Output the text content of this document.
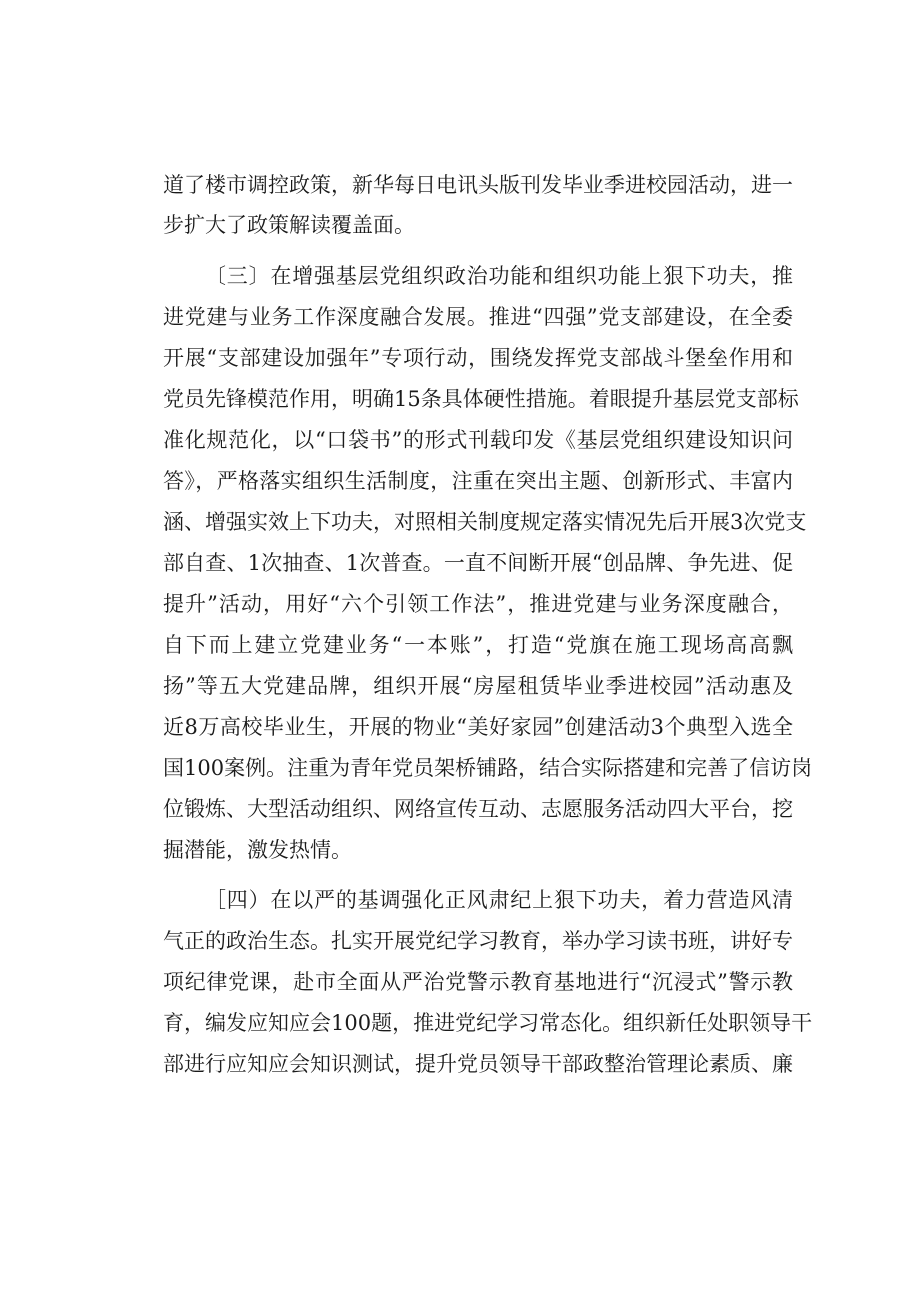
道了楼市调控政策，新华每日电讯头版刊发毕业季进校园活动，进一
步扩大了政策解读覆盖面。
〔三〕在增强基层党组织政治功能和组织功能上狠下功夫，推
进党建与业务工作深度融合发展。推进“四强”党支部建设，在全委
开展“支部建设加强年”专项行动，围绕发挥党支部战斗堡垒作用和
党员先锋模范作用，明确15条具体硬性措施。着眼提升基层党支部标
准化规范化，以“口袋书”的形式刊载印发《基层党组织建设知识问
答》，严格落实组织生活制度，注重在突出主题、创新形式、丰富内
涵、增强实效上下功夫，对照相关制度规定落实情况先后开展3次党支
部自查、1次抽查、1次普查。一直不间断开展“创品牌、争先进、促
提升”活动，用好“六个引领工作法”，推进党建与业务深度融合，
自下而上建立党建业务“一本账”，打造“党旗在施工现场高高飘
扬”等五大党建品牌，组织开展“房屋租赁毕业季进校园”活动惠及
近8万高校毕业生，开展的物业“美好家园”创建活动3个典型入选全
国100案例。注重为青年党员架桥铺路，结合实际搭建和完善了信访岗
位锻炼、大型活动组织、网络宣传互动、志愿服务活动四大平台，挖
掘潜能，激发热情。
［四）在以严的基调强化正风肃纪上狠下功夫，着力营造风清
气正的政治生态。扎实开展党纪学习教育，举办学习读书班，讲好专
项纪律党课，赴市全面从严治党警示教育基地进行“沉浸式”警示教
育，编发应知应会100题，推进党纪学习常态化。组织新任处职领导干
部进行应知应会知识测试，提升党员领导干部政整治管理论素质、廉
